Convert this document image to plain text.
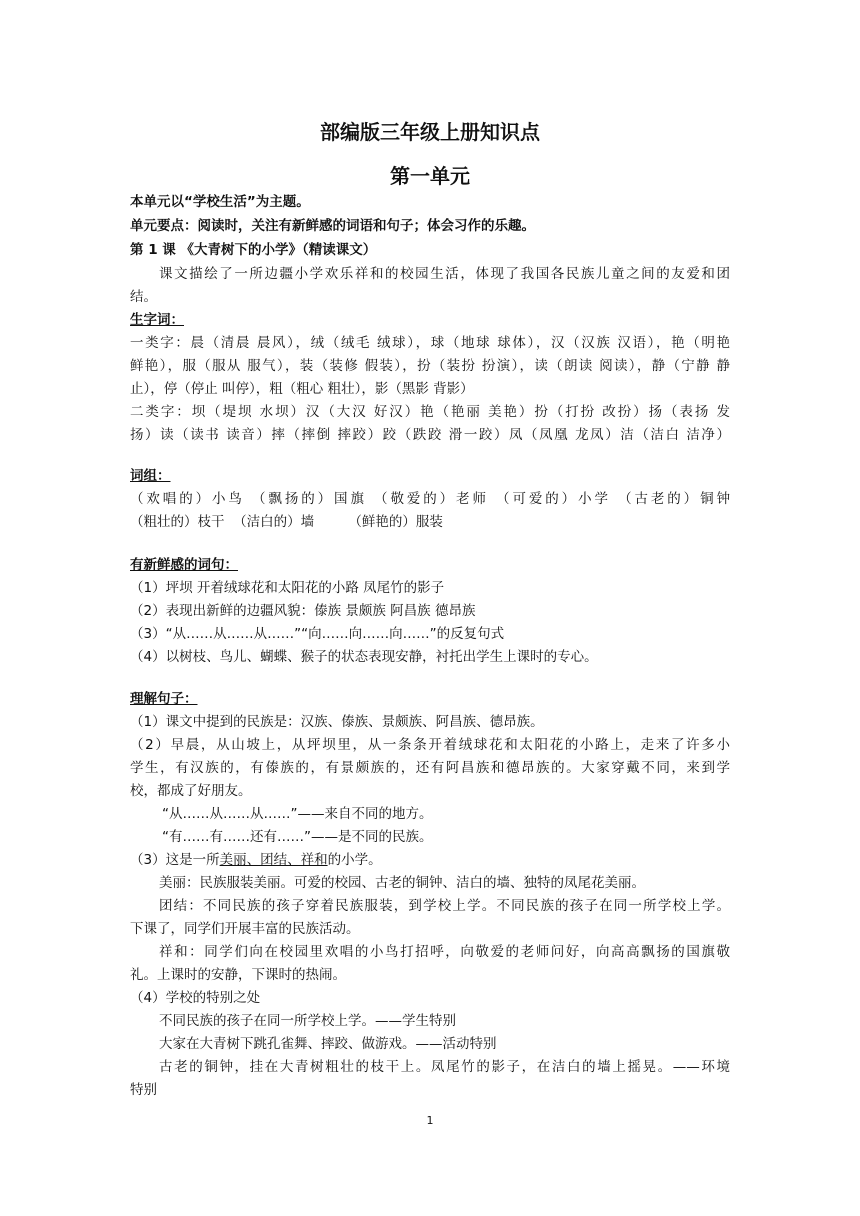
部编版三年级上册知识点
第一单元
本单元以“学校生活”为主题。
单元要点：阅读时，关注有新鲜感的词语和句子；体会习作的乐趣。
第 1 课 《大青树下的小学》（精读课文）
课文描绘了一所边疆小学欢乐祥和的校园生活，体现了我国各民族儿童之间的友爱和团
结。
生字词：
一类字：晨（清晨 晨风），绒（绒毛 绒球），球（地球 球体），汉（汉族 汉语），艳（明艳
鲜艳），服（服从 服气），装（装修 假装），扮（装扮 扮演），读（朗读 阅读），静（宁静 静
止），停（停止 叫停），粗（粗心 粗壮），影（黑影 背影）
二类字：坝（堤坝 水坝）汉（大汉 好汉）艳（艳丽 美艳）扮（打扮 改扮）扬（表扬 发
扬）读（读书 读音）摔（摔倒 摔跤）跤（跌跤 滑一跤）凤（凤凰 龙凤）洁（洁白 洁净）
词组：
（欢唱的）小鸟 （飘扬的）国旗 （敬爱的）老师 （可爱的）小学 （古老的）铜钟
（粗壮的）枝干  （洁白的）墙        （鲜艳的）服装
有新鲜感的词句：
（1）坪坝 开着绒球花和太阳花的小路 凤尾竹的影子
（2）表现出新鲜的边疆风貌：傣族 景颇族 阿昌族 德昂族
（3）“从……从……从……”“向……向……向……”的反复句式
（4）以树枝、鸟儿、蝴蝶、猴子的状态表现安静，衬托出学生上课时的专心。
理解句子：
（1）课文中提到的民族是：汉族、傣族、景颇族、阿昌族、德昂族。
（2）早晨，从山坡上，从坪坝里，从一条条开着绒球花和太阳花的小路上，走来了许多小
学生，有汉族的，有傣族的，有景颇族的，还有阿昌族和德昂族的。大家穿戴不同，来到学
校，都成了好朋友。
“从……从……从……”——来自不同的地方。
“有……有……还有……”——是不同的民族。
（3）这是一所美丽、团结、祥和的小学。
美丽：民族服装美丽。可爱的校园、古老的铜钟、洁白的墙、独特的凤尾花美丽。
团结：不同民族的孩子穿着民族服装，到学校上学。不同民族的孩子在同一所学校上学。
下课了，同学们开展丰富的民族活动。
祥和：同学们向在校园里欢唱的小鸟打招呼，向敬爱的老师问好，向高高飘扬的国旗敬
礼。上课时的安静，下课时的热闹。
（4）学校的特别之处
不同民族的孩子在同一所学校上学。——学生特别
大家在大青树下跳孔雀舞、摔跤、做游戏。——活动特别
古老的铜钟，挂在大青树粗壮的枝干上。凤尾竹的影子，在洁白的墙上摇晃。——环境
特别
1
